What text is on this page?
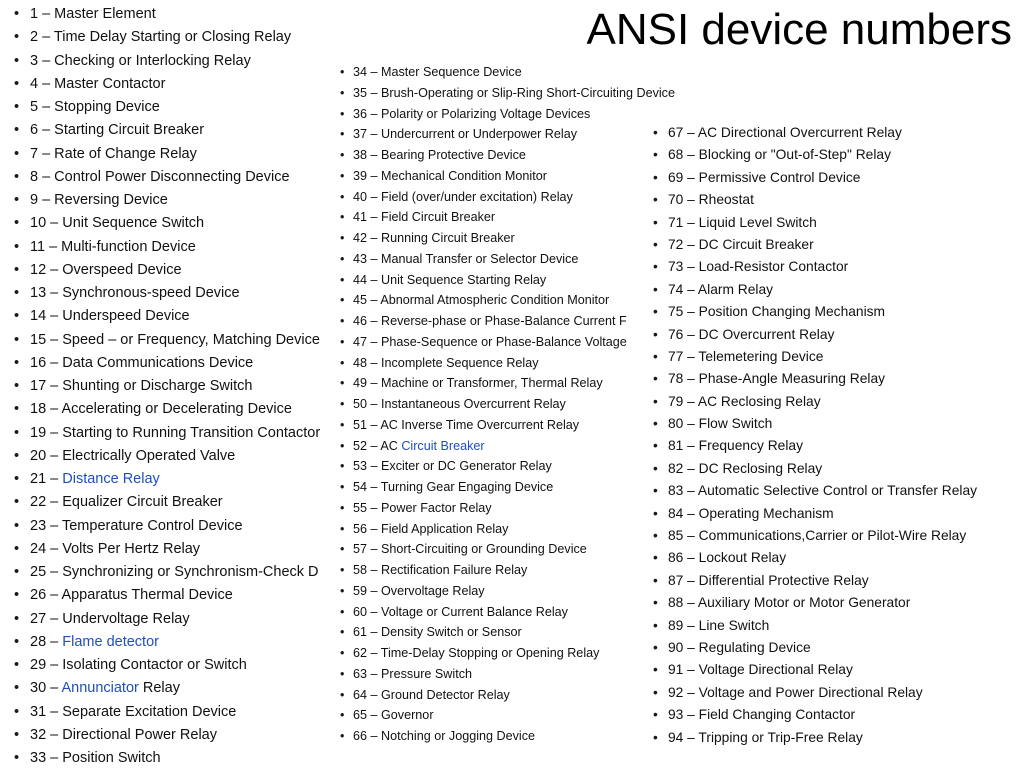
ANSI device numbers
• 1 – Master Element
• 2 – Time Delay Starting or Closing Relay
• 3 – Checking or Interlocking Relay
• 4 – Master Contactor
• 5 – Stopping Device
• 6 – Starting Circuit Breaker
• 7 – Rate of Change Relay
• 8 – Control Power Disconnecting Device
• 9 – Reversing Device
• 10 – Unit Sequence Switch
• 11 – Multi-function Device
• 12 – Overspeed Device
• 13 – Synchronous-speed Device
• 14 – Underspeed Device
• 15 – Speed – or Frequency, Matching Device
• 16 – Data Communications Device
• 17 – Shunting or Discharge Switch
• 18 – Accelerating or Decelerating Device
• 19 – Starting to Running Transition Contactor
• 20 – Electrically Operated Valve
• 21 – Distance Relay
• 22 – Equalizer Circuit Breaker
• 23 – Temperature Control Device
• 24 – Volts Per Hertz Relay
• 25 – Synchronizing or Synchronism-Check D
• 26 – Apparatus Thermal Device
• 27 – Undervoltage Relay
• 28 – Flame detector
• 29 – Isolating Contactor or Switch
• 30 – Annunciator Relay
• 31 – Separate Excitation Device
• 32 – Directional Power Relay
• 33 – Position Switch
• 34 – Master Sequence Device
• 35 – Brush-Operating or Slip-Ring Short-Circuiting Device
• 36 – Polarity or Polarizing Voltage Devices
• 37 – Undercurrent or Underpower Relay
• 38 – Bearing Protective Device
• 39 – Mechanical Condition Monitor
• 40 – Field (over/under excitation) Relay
• 41 – Field Circuit Breaker
• 42 – Running Circuit Breaker
• 43 – Manual Transfer or Selector Device
• 44 – Unit Sequence Starting Relay
• 45 – Abnormal Atmospheric Condition Monitor
• 46 – Reverse-phase or Phase-Balance Current F
• 47 – Phase-Sequence or Phase-Balance Voltage
• 48 – Incomplete Sequence Relay
• 49 – Machine or Transformer, Thermal Relay
• 50 – Instantaneous Overcurrent Relay
• 51 – AC Inverse Time Overcurrent Relay
• 52 – AC Circuit Breaker
• 53 – Exciter or DC Generator Relay
• 54 – Turning Gear Engaging Device
• 55 – Power Factor Relay
• 56 – Field Application Relay
• 57 – Short-Circuiting or Grounding Device
• 58 – Rectification Failure Relay
• 59 – Overvoltage Relay
• 60 – Voltage or Current Balance Relay
• 61 – Density Switch or Sensor
• 62 – Time-Delay Stopping or Opening Relay
• 63 – Pressure Switch
• 64 – Ground Detector Relay
• 65 – Governor
• 66 – Notching or Jogging Device
• 67 – AC Directional Overcurrent Relay
• 68 – Blocking or "Out-of-Step" Relay
• 69 – Permissive Control Device
• 70 – Rheostat
• 71 – Liquid Level Switch
• 72 – DC Circuit Breaker
• 73 – Load-Resistor Contactor
• 74 – Alarm Relay
• 75 – Position Changing Mechanism
• 76 – DC Overcurrent Relay
• 77 – Telemetering Device
• 78 – Phase-Angle Measuring Relay
• 79 – AC Reclosing Relay
• 80 – Flow Switch
• 81 – Frequency Relay
• 82 – DC Reclosing Relay
• 83 – Automatic Selective Control or Transfer Relay
• 84 – Operating Mechanism
• 85 – Communications,Carrier or Pilot-Wire Relay
• 86 – Lockout Relay
• 87 – Differential Protective Relay
• 88 – Auxiliary Motor or Motor Generator
• 89 – Line Switch
• 90 – Regulating Device
• 91 – Voltage Directional Relay
• 92 – Voltage and Power Directional Relay
• 93 – Field Changing Contactor
• 94 – Tripping or Trip-Free Relay
